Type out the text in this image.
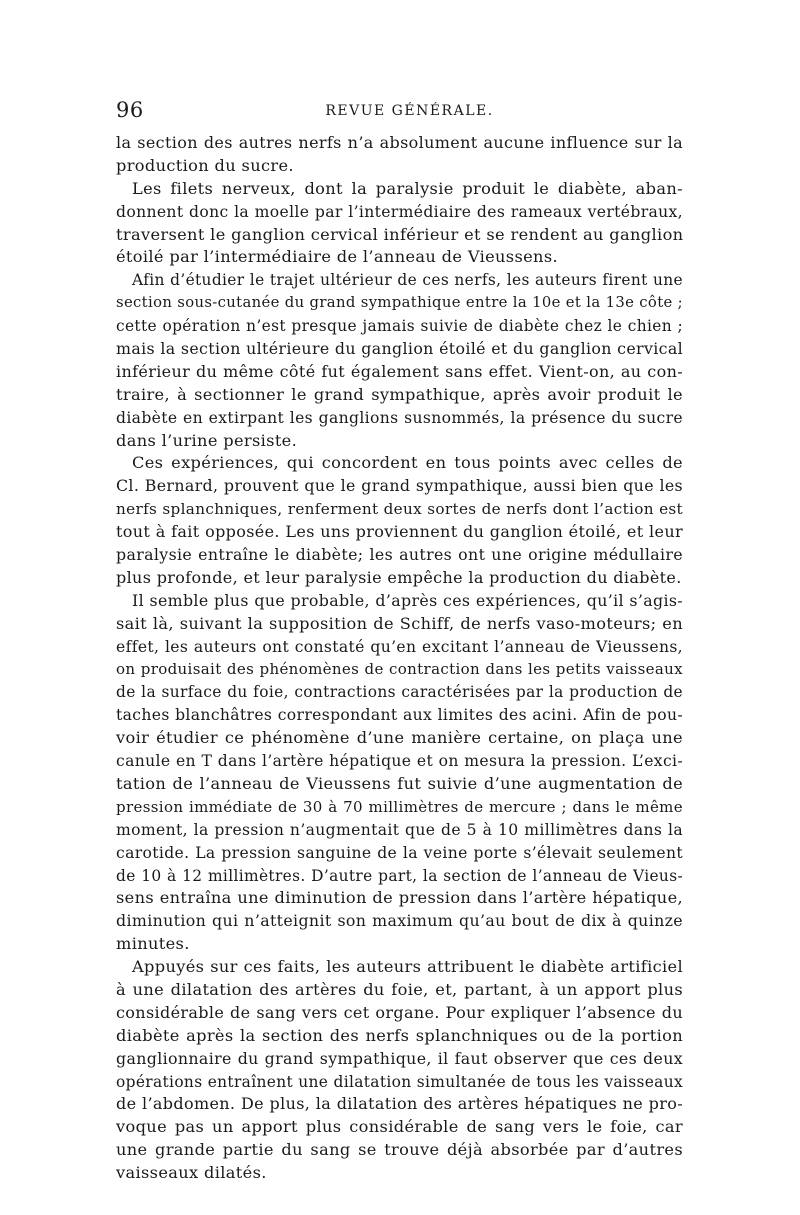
96	REVUE GÉNÉRALE.
la section des autres nerfs n’a absolument aucune influence sur la
production du sucre.
Les filets nerveux, dont la paralysie produit le diabète, aban-
donnent donc la moelle par l’intermédiaire des rameaux vertébraux,
traversent le ganglion cervical inférieur et se rendent au ganglion
étoilé par l’intermédiaire de l’anneau de Vieussens.
Afin d’étudier le trajet ultérieur de ces nerfs, les auteurs firent une
section sous-cutanée du grand sympathique entre la 10e et la 13e côte ;
cette opération n’est presque jamais suivie de diabète chez le chien ;
mais la section ultérieure du ganglion étoilé et du ganglion cervical
inférieur du même côté fut également sans effet. Vient-on, au con-
traire, à sectionner le grand sympathique, après avoir produit le
diabète en extirpant les ganglions susnommés, la présence du sucre
dans l’urine persiste.
Ces expériences, qui concordent en tous points avec celles de
Cl. Bernard, prouvent que le grand sympathique, aussi bien que les
nerfs splanchniques, renferment deux sortes de nerfs dont l’action est
tout à fait opposée. Les uns proviennent du ganglion étoilé, et leur
paralysie entraîne le diabète; les autres ont une origine médullaire
plus profonde, et leur paralysie empêche la production du diabète.
Il semble plus que probable, d’après ces expériences, qu’il s’agis-
sait là, suivant la supposition de Schiff, de nerfs vaso-moteurs; en
effet, les auteurs ont constaté qu’en excitant l’anneau de Vieussens,
on produisait des phénomènes de contraction dans les petits vaisseaux
de la surface du foie, contractions caractérisées par la production de
taches blanchâtres correspondant aux limites des acini. Afin de pou-
voir étudier ce phénomène d’une manière certaine, on plaça une
canule en T dans l’artère hépatique et on mesura la pression. L’exci-
tation de l’anneau de Vieussens fut suivie d’une augmentation de
pression immédiate de 30 à 70 millimètres de mercure ; dans le même
moment, la pression n’augmentait que de 5 à 10 millimètres dans la
carotide. La pression sanguine de la veine porte s’élevait seulement
de 10 à 12 millimètres. D’autre part, la section de l’anneau de Vieus-
sens entraîna une diminution de pression dans l’artère hépatique,
diminution qui n’atteignit son maximum qu’au bout de dix à quinze
minutes.
Appuyés sur ces faits, les auteurs attribuent le diabète artificiel
à une dilatation des artères du foie, et, partant, à un apport plus
considérable de sang vers cet organe. Pour expliquer l’absence du
diabète après la section des nerfs splanchniques ou de la portion
ganglionnaire du grand sympathique, il faut observer que ces deux
opérations entraînent une dilatation simultanée de tous les vaisseaux
de l’abdomen. De plus, la dilatation des artères hépatiques ne pro-
voque pas un apport plus considérable de sang vers le foie, car
une grande partie du sang se trouve déjà absorbée par d’autres
vaisseaux dilatés.
